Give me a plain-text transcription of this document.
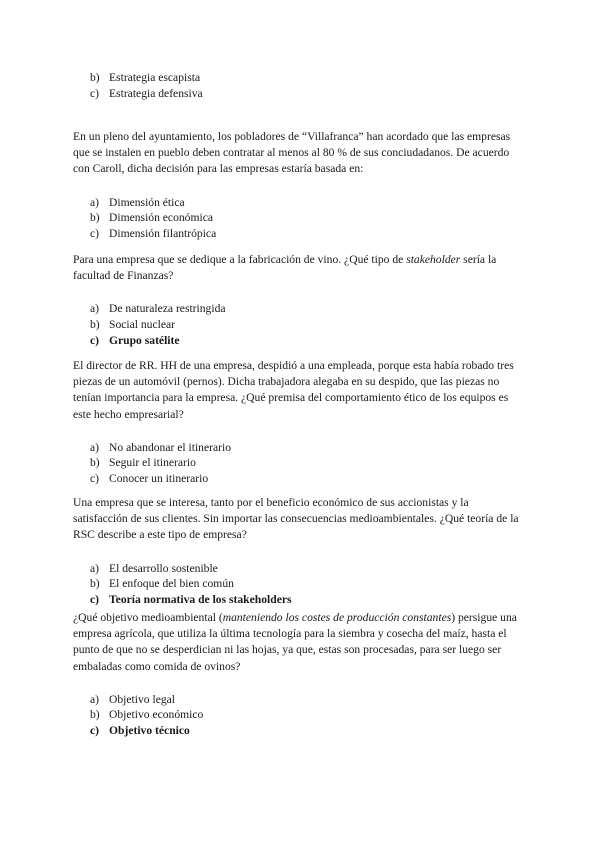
b) Estrategia escapista
c) Estrategia defensiva

En un pleno del ayuntamiento, los pobladores de “Villafranca” han acordado que las empresas que se instalen en pueblo deben contratar al menos al 80 % de sus conciudadanos. De acuerdo con Caroll, dicha decisión para las empresas estaría basada en:

a) Dimensión ética
b) Dimensión económica
c) Dimensión filantrópica

Para una empresa que se dedique a la fabricación de vino. ¿Qué tipo de stakeholder sería la facultad de Finanzas?

a) De naturaleza restringida
b) Social nuclear
c) Grupo satélite

El director de RR. HH de una empresa, despidió a una empleada, porque esta había robado tres piezas de un automóvil (pernos). Dicha trabajadora alegaba en su despido, que las piezas no tenían importancia para la empresa. ¿Qué premisa del comportamiento ético de los equipos es este hecho empresarial?

a) No abandonar el itinerario
b) Seguir el itinerario
c) Conocer un itinerario

Una empresa que se interesa, tanto por el beneficio económico de sus accionistas y la satisfacción de sus clientes. Sin importar las consecuencias medioambientales. ¿Qué teoría de la RSC describe a este tipo de empresa?

a) El desarrollo sostenible
b) El enfoque del bien común
c) Teoría normativa de los stakeholders

¿Qué objetivo medioambiental (manteniendo los costes de producción constantes) persigue una empresa agrícola, que utiliza la última tecnología para la siembra y cosecha del maíz, hasta el punto de que no se desperdician ni las hojas, ya que, estas son procesadas, para ser luego ser embaladas como comida de ovinos?

a) Objetivo legal
b) Objetivo económico
c) Objetivo técnico
